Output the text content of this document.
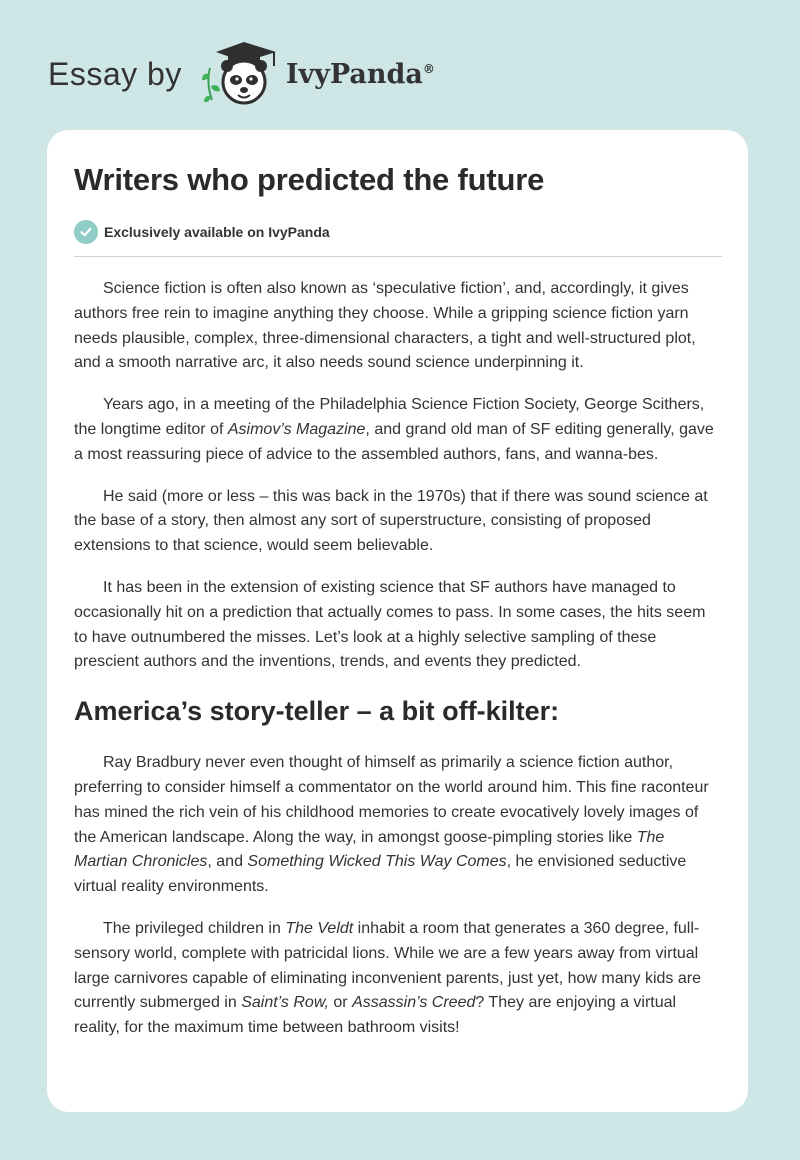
Essay by	IvyPanda®
Writers who predicted the future
Exclusively available on IvyPanda

Science fiction is often also known as ‘speculative fiction’, and, accordingly, it gives authors free rein to imagine anything they choose. While a gripping science fiction yarn needs plausible, complex, three-dimensional characters, a tight and well-structured plot, and a smooth narrative arc, it also needs sound science underpinning it.

Years ago, in a meeting of the Philadelphia Science Fiction Society, George Scithers, the longtime editor of Asimov’s Magazine, and grand old man of SF editing generally, gave a most reassuring piece of advice to the assembled authors, fans, and wanna-bes.

He said (more or less – this was back in the 1970s) that if there was sound science at the base of a story, then almost any sort of superstructure, consisting of proposed extensions to that science, would seem believable.

It has been in the extension of existing science that SF authors have managed to occasionally hit on a prediction that actually comes to pass. In some cases, the hits seem to have outnumbered the misses. Let’s look at a highly selective sampling of these prescient authors and the inventions, trends, and events they predicted.

America’s story-teller – a bit off-kilter:

Ray Bradbury never even thought of himself as primarily a science fiction author, preferring to consider himself a commentator on the world around him. This fine raconteur has mined the rich vein of his childhood memories to create evocatively lovely images of the American landscape. Along the way, in amongst goose-pimpling stories like The Martian Chronicles, and Something Wicked This Way Comes, he envisioned seductive virtual reality environments.

The privileged children in The Veldt inhabit a room that generates a 360 degree, full-sensory world, complete with patricidal lions. While we are a few years away from virtual large carnivores capable of eliminating inconvenient parents, just yet, how many kids are currently submerged in Saint’s Row, or Assassin’s Creed? They are enjoying a virtual reality, for the maximum time between bathroom visits!
